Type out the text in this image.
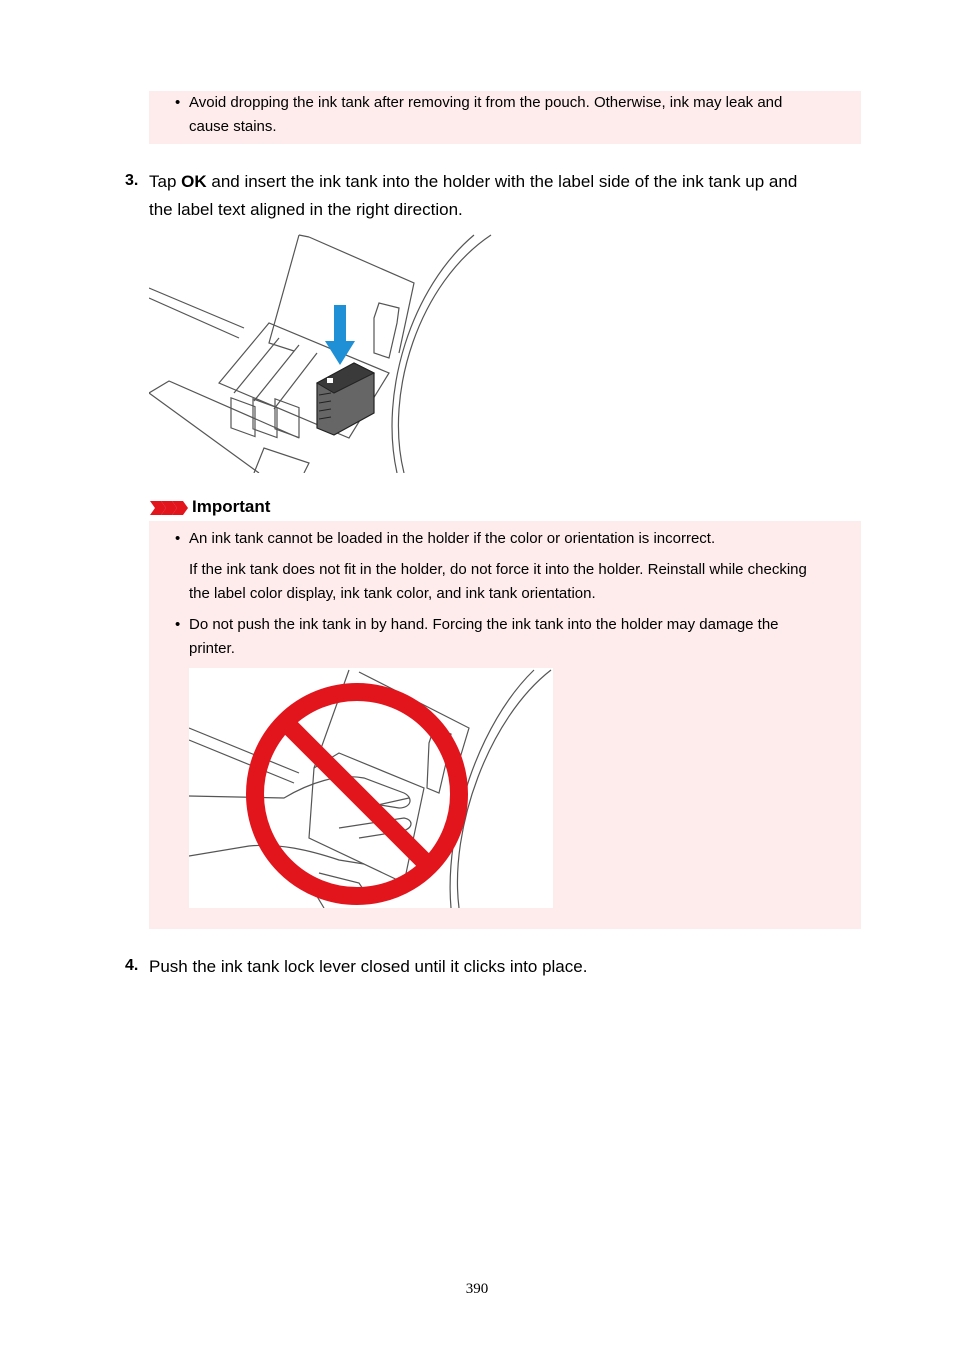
• Avoid dropping the ink tank after removing it from the pouch. Otherwise, ink may leak and
cause stains.
3. Tap OK and insert the ink tank into the holder with the label side of the ink tank up and
the label text aligned in the right direction.
Important
• An ink tank cannot be loaded in the holder if the color or orientation is incorrect.
If the ink tank does not fit in the holder, do not force it into the holder. Reinstall while checking
the label color display, ink tank color, and ink tank orientation.
• Do not push the ink tank in by hand. Forcing the ink tank into the holder may damage the
printer.
4. Push the ink tank lock lever closed until it clicks into place.
390
